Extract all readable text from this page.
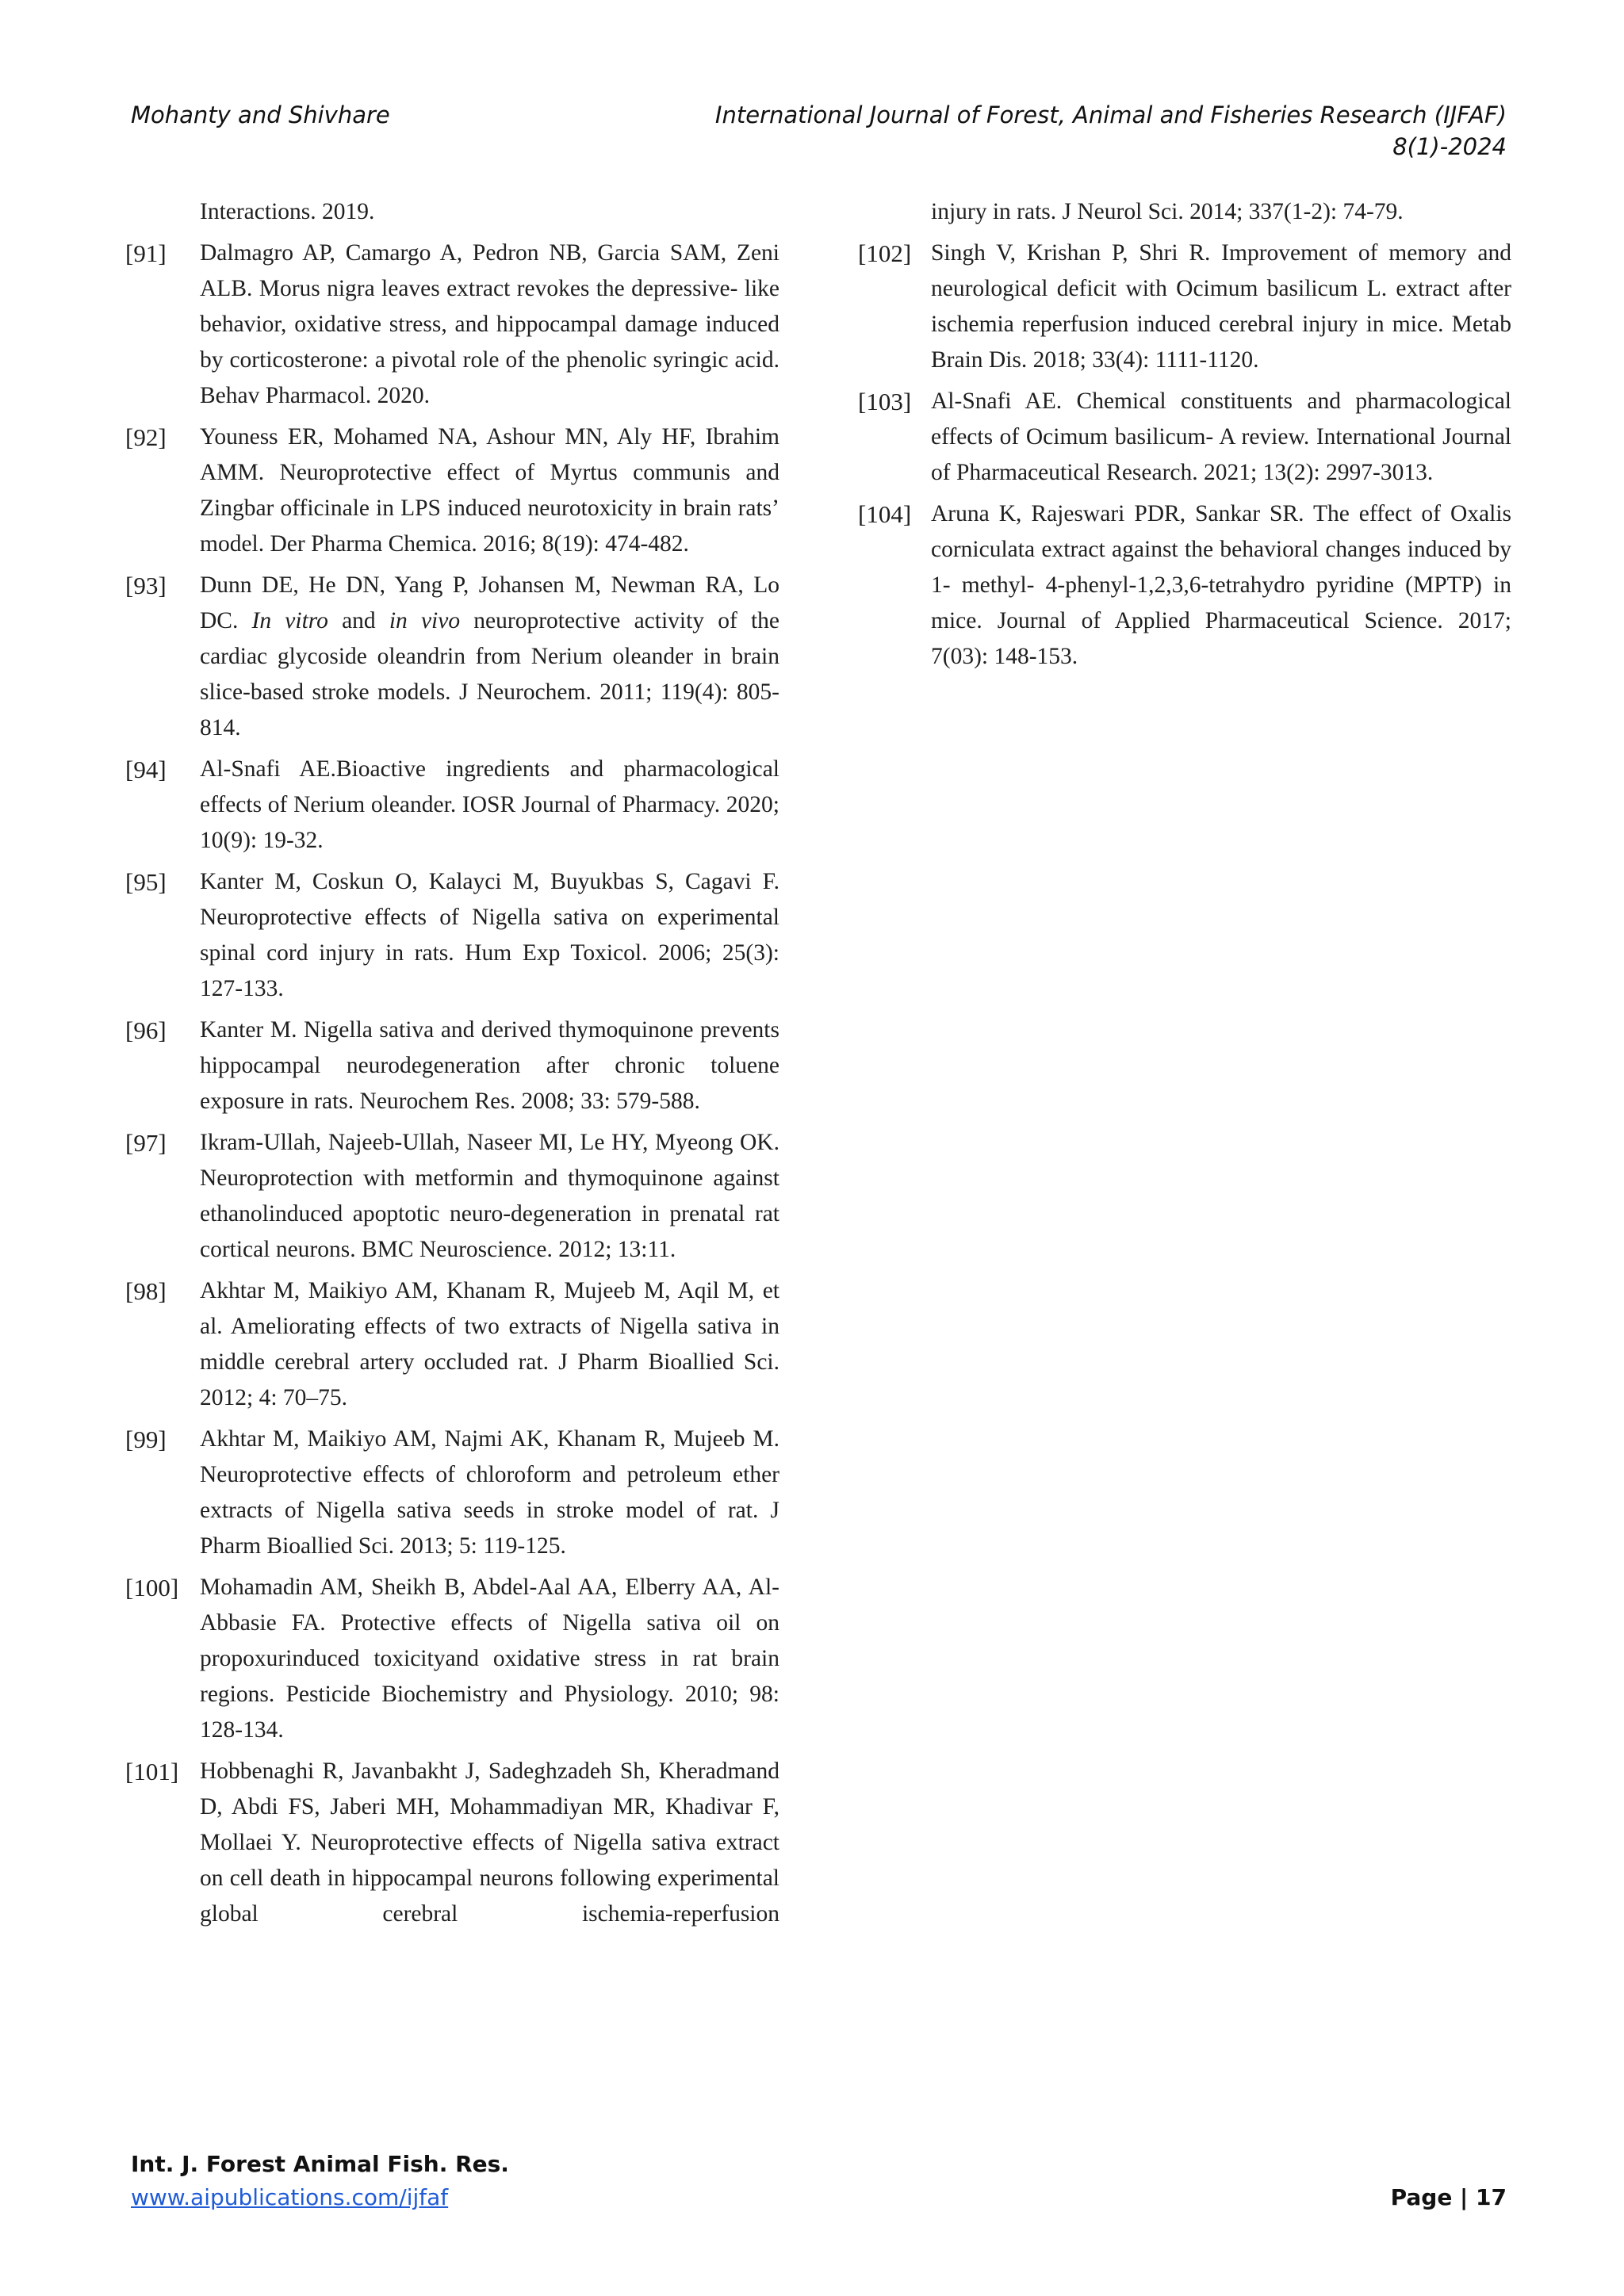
Mohanty and Shivhare	International Journal of Forest, Animal and Fisheries Research (IJFAF)
8(1)-2024
Interactions. 2019.
[91]	Dalmagro AP, Camargo A, Pedron NB, Garcia SAM, Zeni ALB. Morus nigra leaves extract revokes the depressive- like behavior, oxidative stress, and hippocampal damage induced by corticosterone: a pivotal role of the phenolic syringic acid. Behav Pharmacol. 2020.
[92]	Youness ER, Mohamed NA, Ashour MN, Aly HF, Ibrahim AMM. Neuroprotective effect of Myrtus communis and Zingbar officinale in LPS induced neurotoxicity in brain rats’ model. Der Pharma Chemica. 2016; 8(19): 474-482.
[93]	Dunn DE, He DN, Yang P, Johansen M, Newman RA, Lo DC. In vitro and in vivo neuroprotective activity of the cardiac glycoside oleandrin from Nerium oleander in brain slice-based stroke models. J Neurochem. 2011; 119(4): 805-814.
[94]	Al-Snafi AE.Bioactive ingredients and pharmacological effects of Nerium oleander. IOSR Journal of Pharmacy. 2020; 10(9): 19-32.
[95]	Kanter M, Coskun O, Kalayci M, Buyukbas S, Cagavi F. Neuroprotective effects of Nigella sativa on experimental spinal cord injury in rats. Hum Exp Toxicol. 2006; 25(3): 127-133.
[96]	Kanter M. Nigella sativa and derived thymoquinone prevents hippocampal neurodegeneration after chronic toluene exposure in rats. Neurochem Res. 2008; 33: 579-588.
[97]	Ikram-Ullah, Najeeb-Ullah, Naseer MI, Le HY, Myeong OK. Neuroprotection with metformin and thymoquinone against ethanolinduced apoptotic neuro-degeneration in prenatal rat cortical neurons. BMC Neuroscience. 2012; 13:11.
[98]	Akhtar M, Maikiyo AM, Khanam R, Mujeeb M, Aqil M, et al. Ameliorating effects of two extracts of Nigella sativa in middle cerebral artery occluded rat. J Pharm Bioallied Sci. 2012; 4: 70–75.
[99]	Akhtar M, Maikiyo AM, Najmi AK, Khanam R, Mujeeb M. Neuroprotective effects of chloroform and petroleum ether extracts of Nigella sativa seeds in stroke model of rat. J Pharm Bioallied Sci. 2013; 5: 119-125.
[100] Mohamadin AM, Sheikh B, Abdel-Aal AA, Elberry AA, Al- Abbasie FA. Protective effects of Nigella sativa oil on propoxurinduced toxicityand oxidative stress in rat brain regions. Pesticide Biochemistry and Physiology. 2010; 98: 128-134.
[101] Hobbenaghi R, Javanbakht J, Sadeghzadeh Sh, Kheradmand D, Abdi FS, Jaberi MH, Mohammadiyan MR, Khadivar F, Mollaei Y. Neuroprotective effects of Nigella sativa extract on cell death in hippocampal neurons following experimental global cerebral ischemia-reperfusion
injury in rats. J Neurol Sci. 2014; 337(1-2): 74-79.
[102] Singh V, Krishan P, Shri R. Improvement of memory and neurological deficit with Ocimum basilicum L. extract after ischemia reperfusion induced cerebral injury in mice. Metab Brain Dis. 2018; 33(4): 1111-1120.
[103] Al-Snafi AE. Chemical constituents and pharmacological effects of Ocimum basilicum- A review. International Journal of Pharmaceutical Research. 2021; 13(2): 2997-3013.
[104] Aruna K, Rajeswari PDR, Sankar SR. The effect of Oxalis corniculata extract against the behavioral changes induced by 1- methyl- 4-phenyl-1,2,3,6-tetrahydro pyridine (MPTP) in mice. Journal of Applied Pharmaceutical Science. 2017; 7(03): 148-153.
Int. J. Forest Animal Fish. Res.
www.aipublications.com/ijfaf	Page | 17
